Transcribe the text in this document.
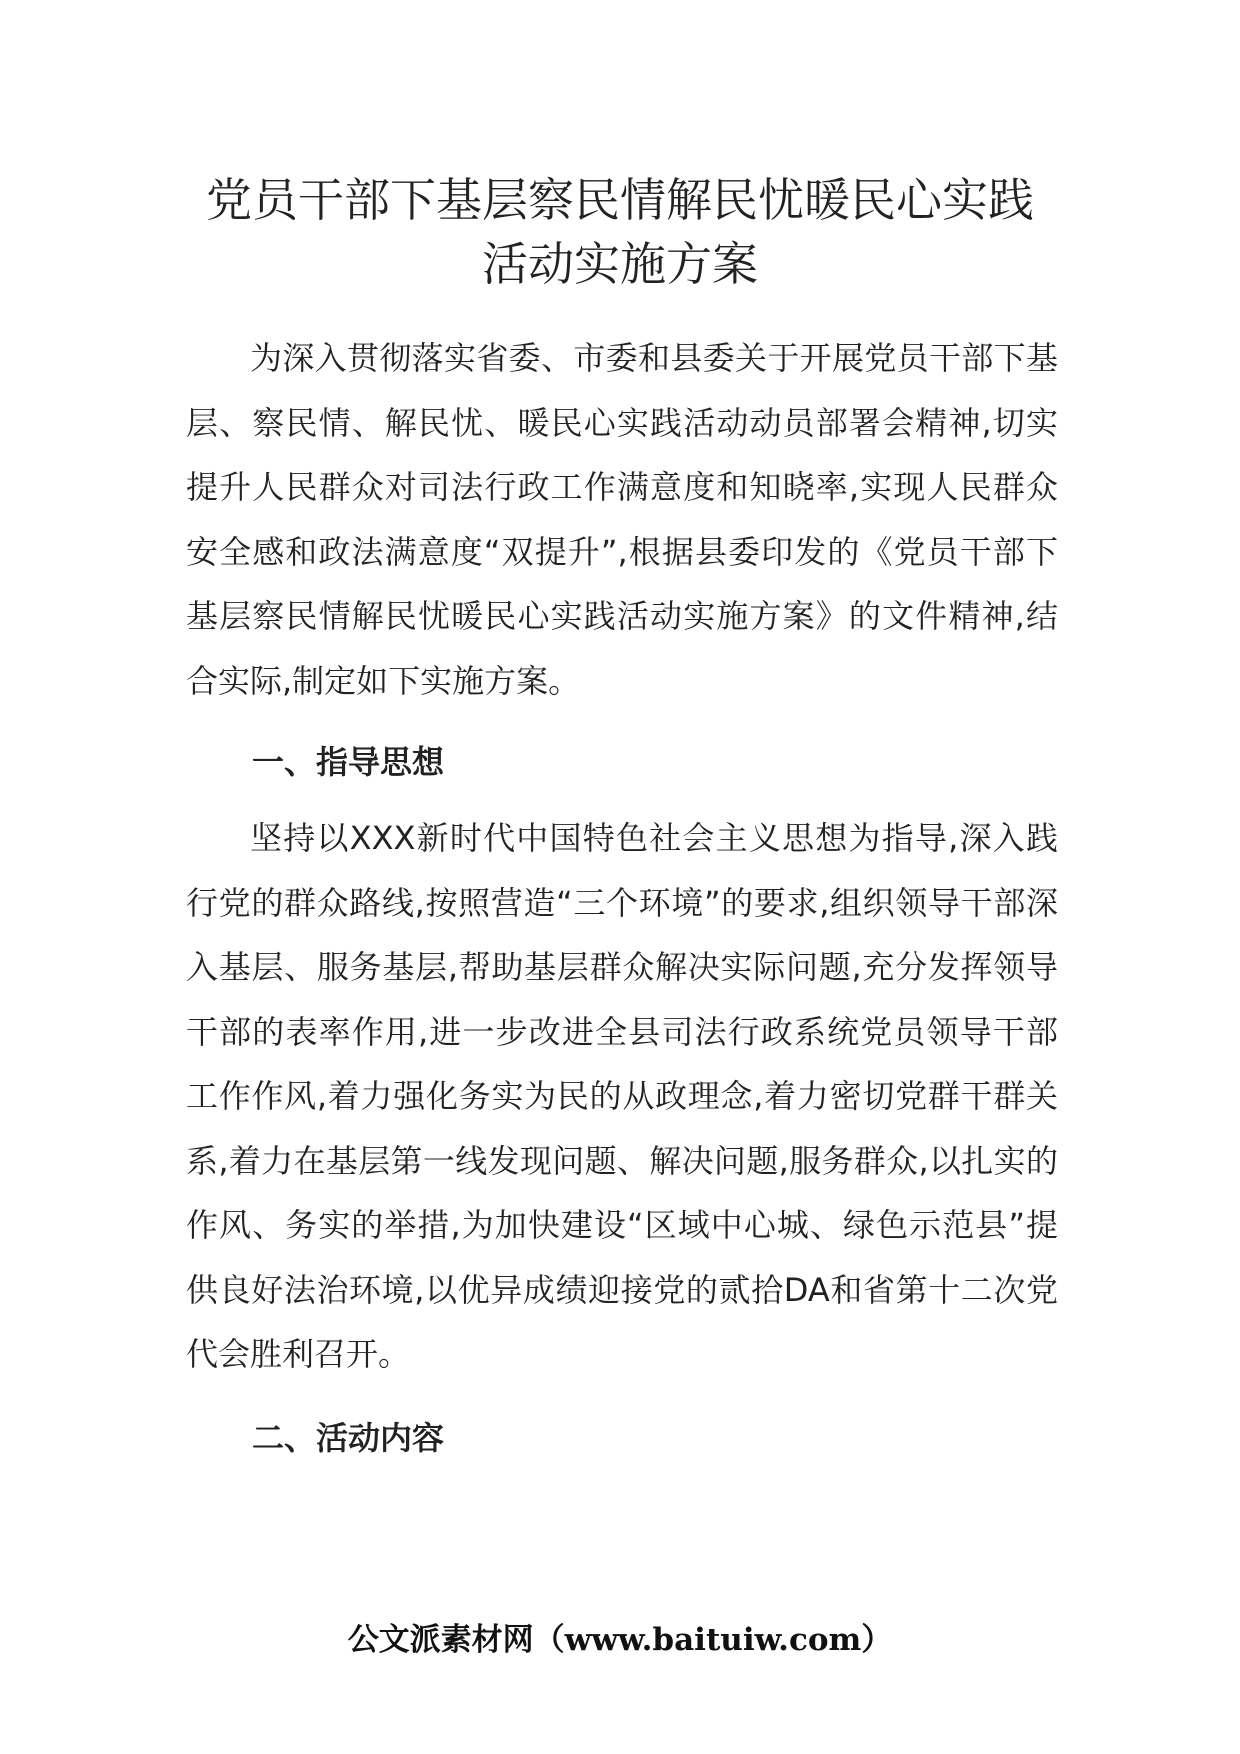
党员干部下基层察民情解民忧暖民心实践
活动实施方案

为深入贯彻落实省委、市委和县委关于开展党员干部下基层、察民情、解民忧、暖民心实践活动动员部署会精神,切实提升人民群众对司法行政工作满意度和知晓率,实现人民群众安全感和政法满意度“双提升”,根据县委印发的《党员干部下基层察民情解民忧暖民心实践活动实施方案》的文件精神,结合实际,制定如下实施方案。

一、指导思想

坚持以XXX新时代中国特色社会主义思想为指导,深入践行党的群众路线,按照营造“三个环境”的要求,组织领导干部深入基层、服务基层,帮助基层群众解决实际问题,充分发挥领导干部的表率作用,进一步改进全县司法行政系统党员领导干部工作作风,着力强化务实为民的从政理念,着力密切党群干群关系,着力在基层第一线发现问题、解决问题,服务群众,以扎实的作风、务实的举措,为加快建设“区域中心城、绿色示范县”提供良好法治环境,以优异成绩迎接党的贰拾DA和省第十二次党代会胜利召开。

二、活动内容
公文派素材网（www.baituiw.com）
